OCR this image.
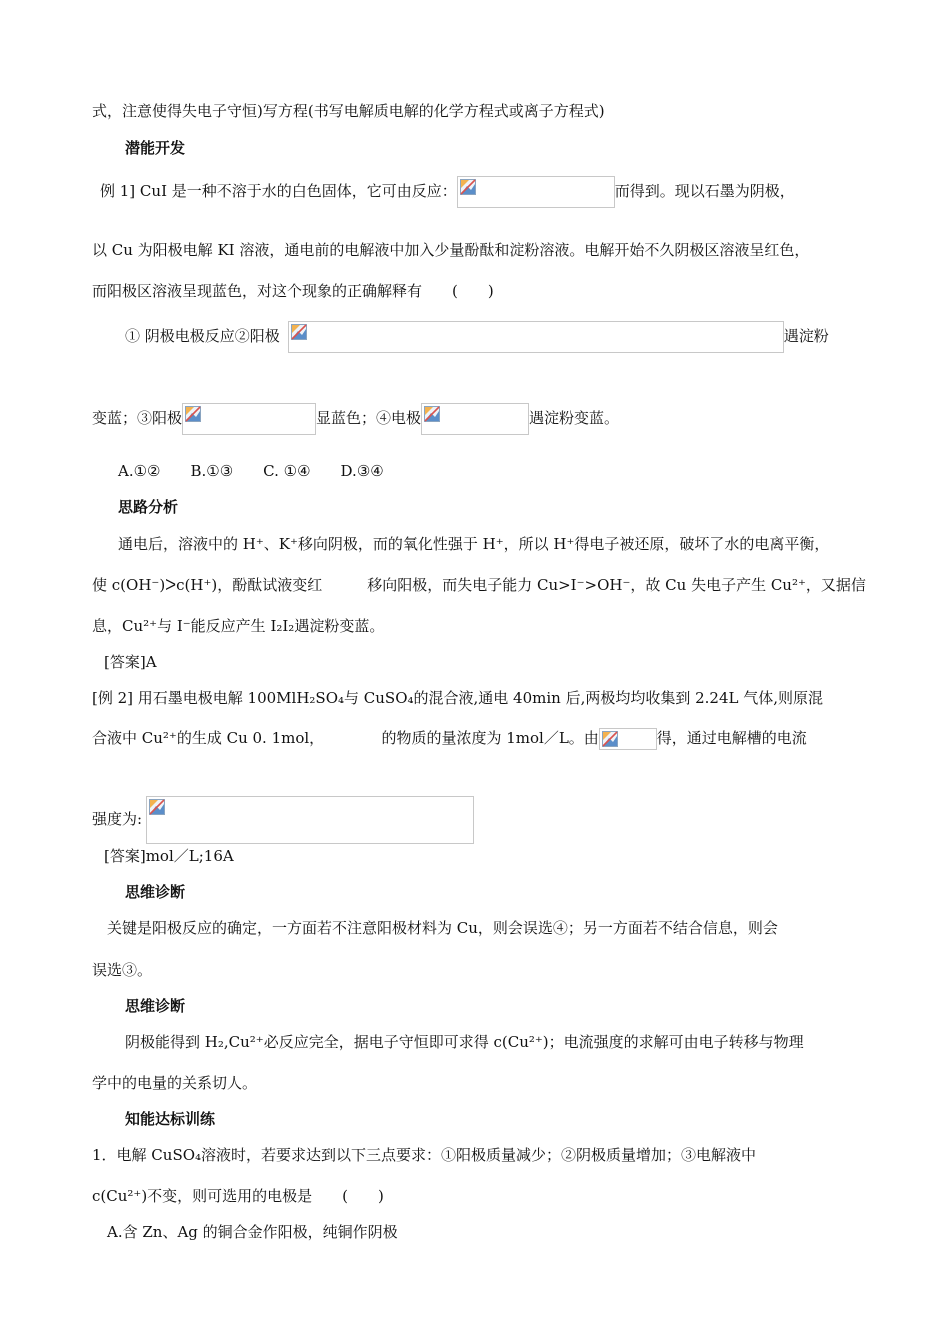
式，注意使得失电子守恒)写方程(书写电解质电解的化学方程式或离子方程式)
潜能开发
例 1] CuI 是一种不溶于水的白色固体，它可由反应：	而得到。现以石墨为阴极，
以 Cu 为阳极电解 KI 溶液，通电前的电解液中加入少量酚酞和淀粉溶液。电解开始不久阴极区溶液呈红色，
而阳极区溶液呈现蓝色，对这个现象的正确解释有　　(　　)
① 阴极电极反应②阳极	遇淀粉
变蓝；③阳极	显蓝色；④电极	遇淀粉变蓝。
A.①②　　B.①③　　C. ①④　　D.③④
思路分析
通电后，溶液中的 H⁺、K⁺移向阴极，而的氧化性强于 H⁺，所以 H⁺得电子被还原，破坏了水的电离平衡，
使 c(OH⁻)ᐳc(H⁺)，酚酞试液变红　　　移向阳极，而失电子能力 Cu>I⁻>OH⁻，故 Cu 失电子产生 Cu²⁺，又据信
息，Cu²⁺与 I⁻能反应产生 I₂I₂遇淀粉变蓝。
[答案]A
[例 2] 用石墨电极电解 100MlH₂SO₄与 CuSO₄的混合液,通电 40min 后,两极均均收集到 2.24L 气体,则原混
合液中 Cu²⁺的生成 Cu 0. 1mol，　　　　 的物质的量浓度为 1mol／L。由	得，通过电解槽的电流
强度为:
[答案]mol／L;16A
思维诊断
关键是阳极反应的确定，一方面若不注意阳极材料为 Cu，则会误选④；另一方面若不结合信息，则会
误选③。
思维诊断
阴极能得到 H₂,Cu²⁺必反应完全，据电子守恒即可求得 c(Cu²⁺)；电流强度的求解可由电子转移与物理
学中的电量的关系切人。
知能达标训练
1．电解 CuSO₄溶液时，若要求达到以下三点要求：①阳极质量减少；②阴极质量增加；③电解液中
c(Cu²⁺)不变，则可选用的电极是　　(　　)
A.含 Zn、Ag 的铜合金作阳极，纯铜作阴极
